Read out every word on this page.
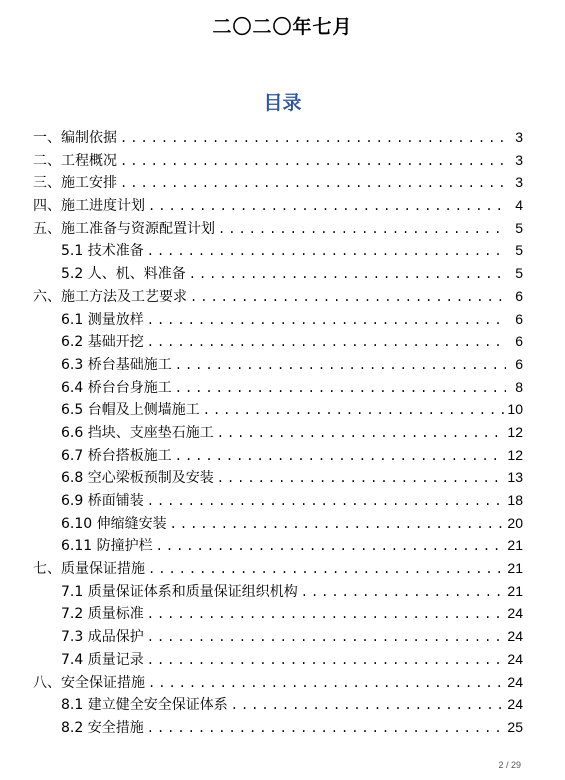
二〇二〇年七月
目录
一、编制依据 .....	3
二、工程概况 .....	3
三、施工安排 .....	3
四、施工进度计划 .....	4
五、施工准备与资源配置计划 .....	5
5.1 技术准备 .....	5
5.2 人、机、料准备 .....	5
六、施工方法及工艺要求 .....	6
6.1 测量放样 .....	6
6.2 基础开挖 .....	6
6.3 桥台基础施工 .....	6
6.4 桥台台身施工 .....	8
6.5 台帽及上侧墙施工 .....	10
6.6 挡块、支座垫石施工 .....	12
6.7 桥台搭板施工 .....	12
6.8 空心梁板预制及安装 .....	13
6.9 桥面铺装 .....	18
6.10 伸缩缝安装 .....	20
6.11 防撞护栏 .....	21
七、质量保证措施 .....	21
7.1 质量保证体系和质量保证组织机构 .....	21
7.2 质量标准 .....	24
7.3 成品保护 .....	24
7.4 质量记录 .....	24
八、安全保证措施 .....	24
8.1 建立健全安全保证体系 .....	24
8.2 安全措施 .....	25
2 / 29
